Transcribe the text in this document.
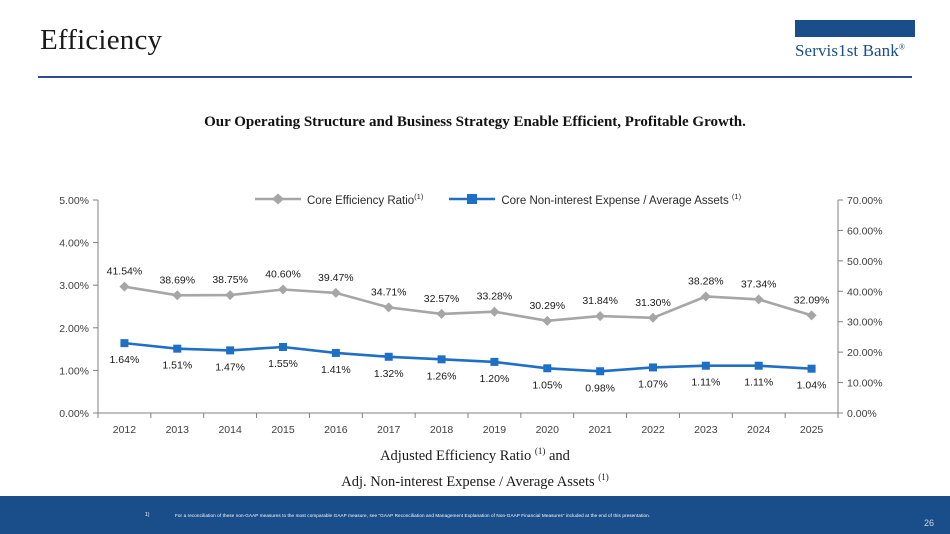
Efficiency	Servis1st Bank®
Our Operating Structure and Business Strategy Enable Efficient, Profitable Growth.
Core Efficiency Ratio$^{(1)}$	Core Non-interest Expense / Average Assets $^{(1)}$
0.00%
1.00%
2.00%
3.00%
4.00%
5.00%
0.00%
10.00%
20.00%
30.00%
40.00%
50.00%
60.00%
70.00%
2012	2013	2014	2015	2016	2017	2018	2019	2020	2021	2022	2023	2024	2025
41.54%
38.69% 38.75% 40.60% 39.47%
34.71%
32.57% 33.28%
30.29% 31.84% 31.30%
38.28% 37.34%
32.09%
1.64% 1.51% 1.47% 1.55% 1.41% 1.32% 1.26% 1.20%
1.05% 0.98% 1.07% 1.11% 1.11% 1.04%
Adjusted Efficiency Ratio $^{(1)}$ and
Adj. Non-interest Expense / Average Assets $^{(1)}$
1)	For a reconciliation of these non-GAAP measures to the most comparable GAAP measure, see “GAAP Reconciliation and Management Explanation of Non-GAAP Financial Measures” included at the end of this presentation.
26
